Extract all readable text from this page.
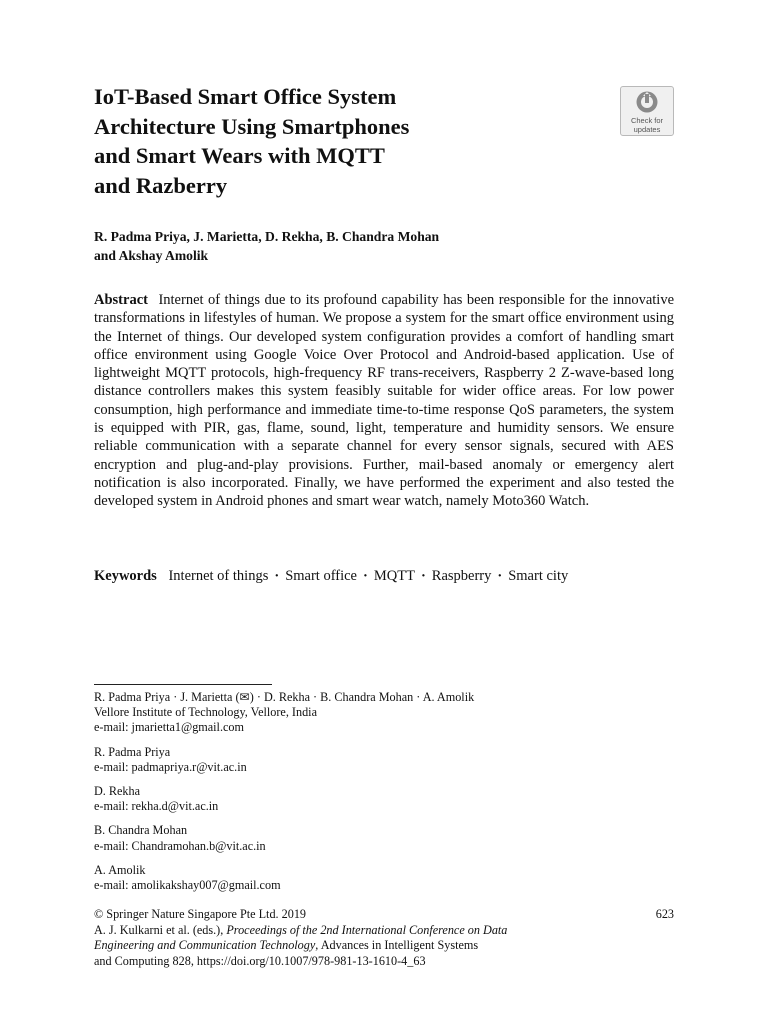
IoT-Based Smart Office System
Architecture Using Smartphones
and Smart Wears with MQTT
and Razberry
Check for
updates
R. Padma Priya, J. Marietta, D. Rekha, B. Chandra Mohan
and Akshay Amolik
Abstract Internet of things due to its profound capability has been responsible for the innovative transformations in lifestyles of human. We propose a system for the smart office environment using the Internet of things. Our developed system configuration provides a comfort of handling smart office environment using Google Voice Over Protocol and Android-based application. Use of lightweight MQTT protocols, high-frequency RF trans-receivers, Raspberry 2 Z-wave-based long distance controllers makes this system feasibly suitable for wider office areas. For low power consumption, high performance and immediate time-to-time response QoS parameters, the system is equipped with PIR, gas, flame, sound, light, temperature and humidity sensors. We ensure reliable communication with a separate channel for every sensor signals, secured with AES encryption and plug-and-play provisions. Further, mail-based anomaly or emergency alert notification is also incorporated. Finally, we have performed the experiment and also tested the developed system in Android phones and smart wear watch, namely Moto360 Watch.
Keywords Internet of things · Smart office · MQTT · Raspberry · Smart city
R. Padma Priya · J. Marietta (✉) · D. Rekha · B. Chandra Mohan · A. Amolik
Vellore Institute of Technology, Vellore, India
e-mail: jmarietta1@gmail.com
R. Padma Priya
e-mail: padmapriya.r@vit.ac.in
D. Rekha
e-mail: rekha.d@vit.ac.in
B. Chandra Mohan
e-mail: Chandramohan.b@vit.ac.in
A. Amolik
e-mail: amolikakshay007@gmail.com
© Springer Nature Singapore Pte Ltd. 2019
A. J. Kulkarni et al. (eds.), Proceedings of the 2nd International Conference on Data
Engineering and Communication Technology, Advances in Intelligent Systems
and Computing 828, https://doi.org/10.1007/978-981-13-1610-4_63
623
